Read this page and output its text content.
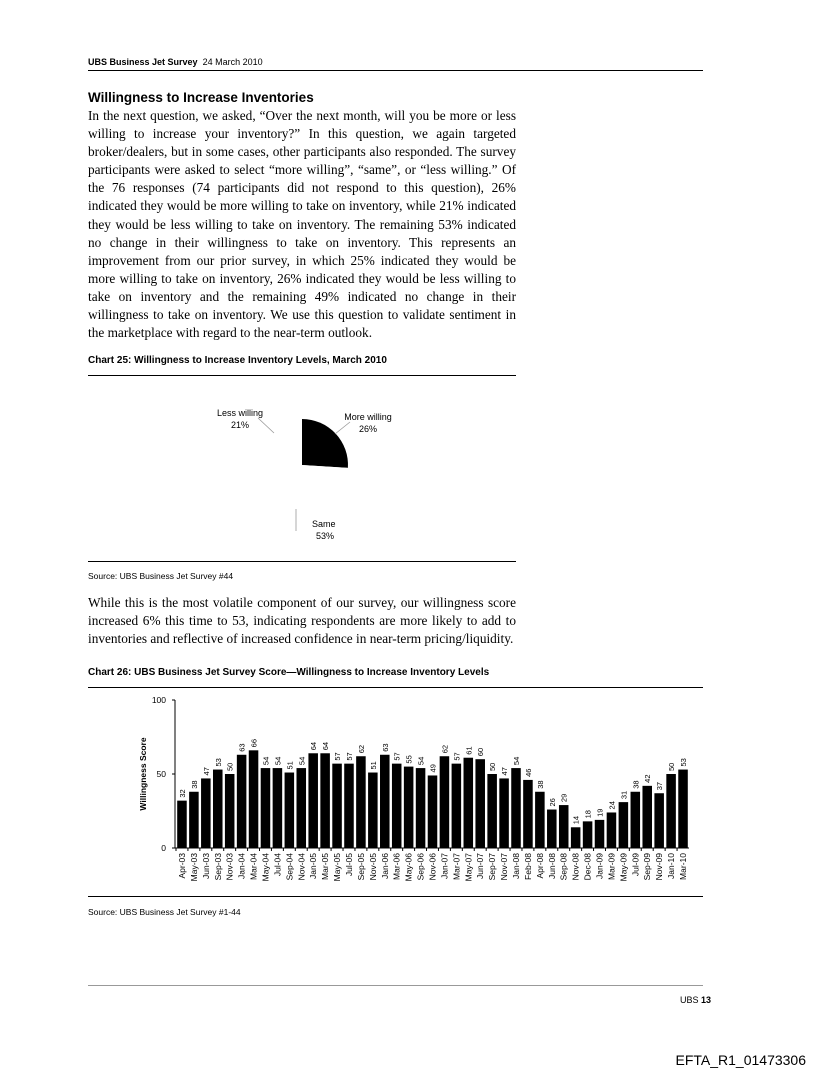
UBS Business Jet Survey 24 March 2010
Willingness to Increase Inventories
In the next question, we asked, “Over the next month, will you be more or less willing to increase your inventory?” In this question, we again targeted broker/dealers, but in some cases, other participants also responded. The survey participants were asked to select “more willing”, “same”, or “less willing.” Of the 76 responses (74 participants did not respond to this question), 26% indicated they would be more willing to take on inventory, while 21% indicated they would be less willing to take on inventory. The remaining 53% indicated no change in their willingness to take on inventory. This represents an improvement from our prior survey, in which 25% indicated they would be more willing to take on inventory, 26% indicated they would be less willing to take on inventory and the remaining 49% indicated no change in their willingness to take on inventory. We use this question to validate sentiment in the marketplace with regard to the near-term outlook.
Chart 25: Willingness to Increase Inventory Levels, March 2010
More willing
26%
Same
53%
Less willing
21%
Source: UBS Business Jet Survey #44
While this is the most volatile component of our survey, our willingness score increased 6% this time to 53, indicating respondents are more likely to add to inventories and reflective of increased confidence in near-term pricing/liquidity.
Chart 26: UBS Business Jet Survey Score—Willingness to Increase Inventory Levels
0
50
100
Willingness Score	32
Apr-03
38
May-03
47
Jun-03
53
Sep-03
50
Nov-03
63
Jan-04
66
Mar-04
54
May-04
54
Jul-04
51
Sep-04
54
Nov-04
64
Jan-05
64
Mar-05
57
May-05
57
Jul-05
62
Sep-05
51
Nov-05
63
Jan-06
57
Mar-06
55
May-06
54
Sep-06
49
Nov-06
62
Jan-07
57
Mar-07
61
May-07
60
Jun-07
50
Sep-07
47
Nov-07
54
Jan-08
46
Feb-08
38
Apr-08
26
Jun-08
29
Sep-08
14
Nov-08
18
Dec-08
19
Jan-09
24
Mar-09
31
May-09
38
Jul-09
42
Sep-09
37
Nov-09
50
Jan-10
53
Mar-10
Source: UBS Business Jet Survey #1-44
UBS 13
EFTA_R1_01473306
